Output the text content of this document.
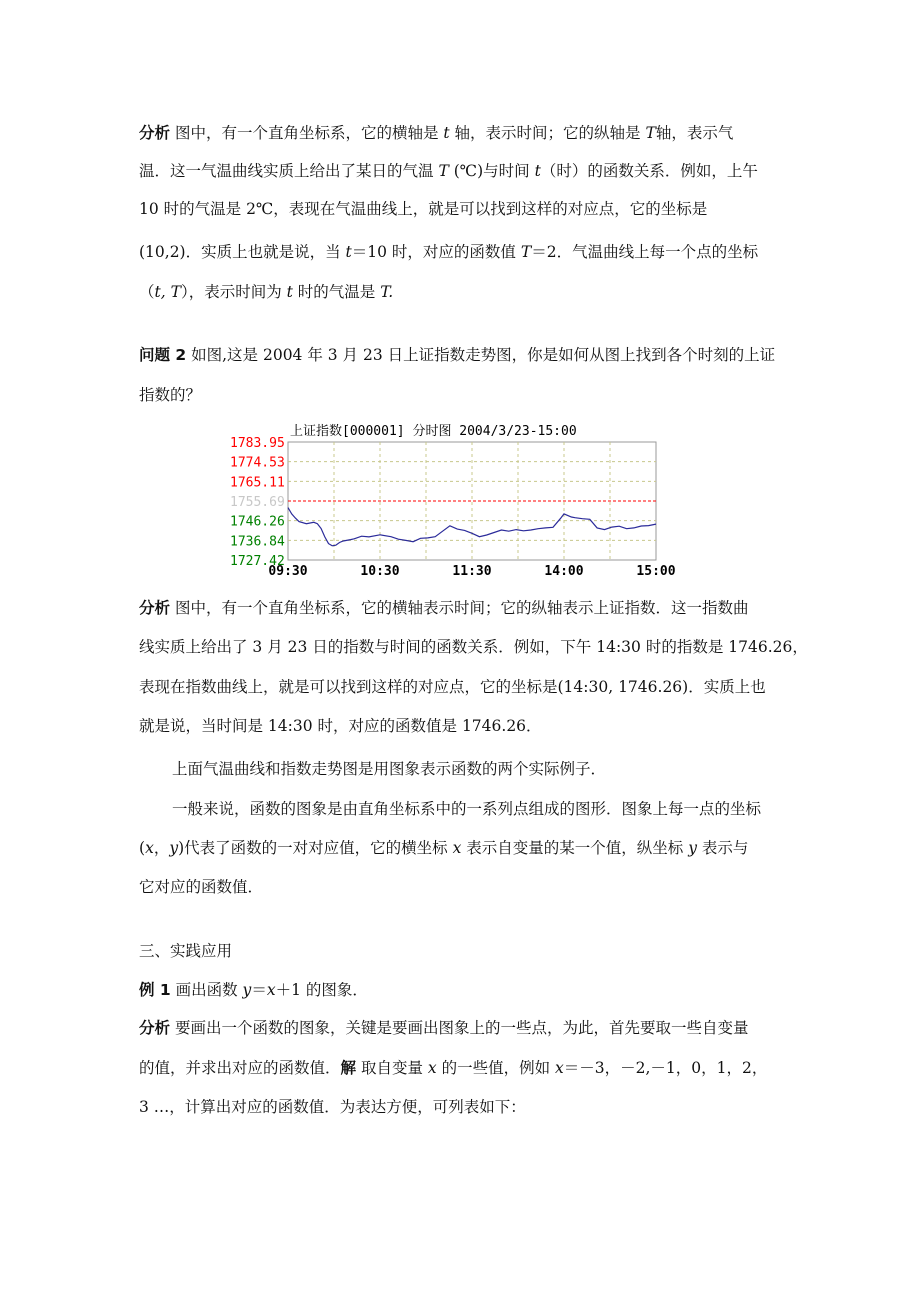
分析 图中，有一个直角坐标系，它的横轴是 t 轴，表示时间；它的纵轴是 T轴，表示气
温．这一气温曲线实质上给出了某日的气温 T (℃)与时间 t（时）的函数关系．例如，上午
10 时的气温是 2℃，表现在气温曲线上，就是可以找到这样的对应点，它的坐标是
(10,2)．实质上也就是说，当 t＝10 时，对应的函数值 T＝2．气温曲线上每一个点的坐标
（t, T），表示时间为 t 时的气温是 T.
问题 2 如图,这是 2004 年 3 月 23 日上证指数走势图，你是如何从图上找到各个时刻的上证
指数的？
上证指数[000001] 分时图 2004/3/23-15:00
1783.95
1774.53
1765.11
1755.69
1746.26
1736.84
1727.42
09:30	10:30	11:30	14:00	15:00
分析 图中，有一个直角坐标系，它的横轴表示时间；它的纵轴表示上证指数．这一指数曲
线实质上给出了 3 月 23 日的指数与时间的函数关系．例如，下午 14:30 时的指数是 1746.26，
表现在指数曲线上，就是可以找到这样的对应点，它的坐标是(14:30, 1746.26)．实质上也
就是说，当时间是 14:30 时，对应的函数值是 1746.26．
上面气温曲线和指数走势图是用图象表示函数的两个实际例子．
一般来说，函数的图象是由直角坐标系中的一系列点组成的图形．图象上每一点的坐标
(x，y)代表了函数的一对对应值，它的横坐标 x 表示自变量的某一个值，纵坐标 y 表示与
它对应的函数值．
三、实践应用
例 1 画出函数 y＝x＋1 的图象．
分析 要画出一个函数的图象，关键是要画出图象上的一些点，为此，首先要取一些自变量
的值，并求出对应的函数值．解 取自变量 x 的一些值，例如 x＝－3，－2,－1，0，1，2，
3 …，计算出对应的函数值．为表达方便，可列表如下：
